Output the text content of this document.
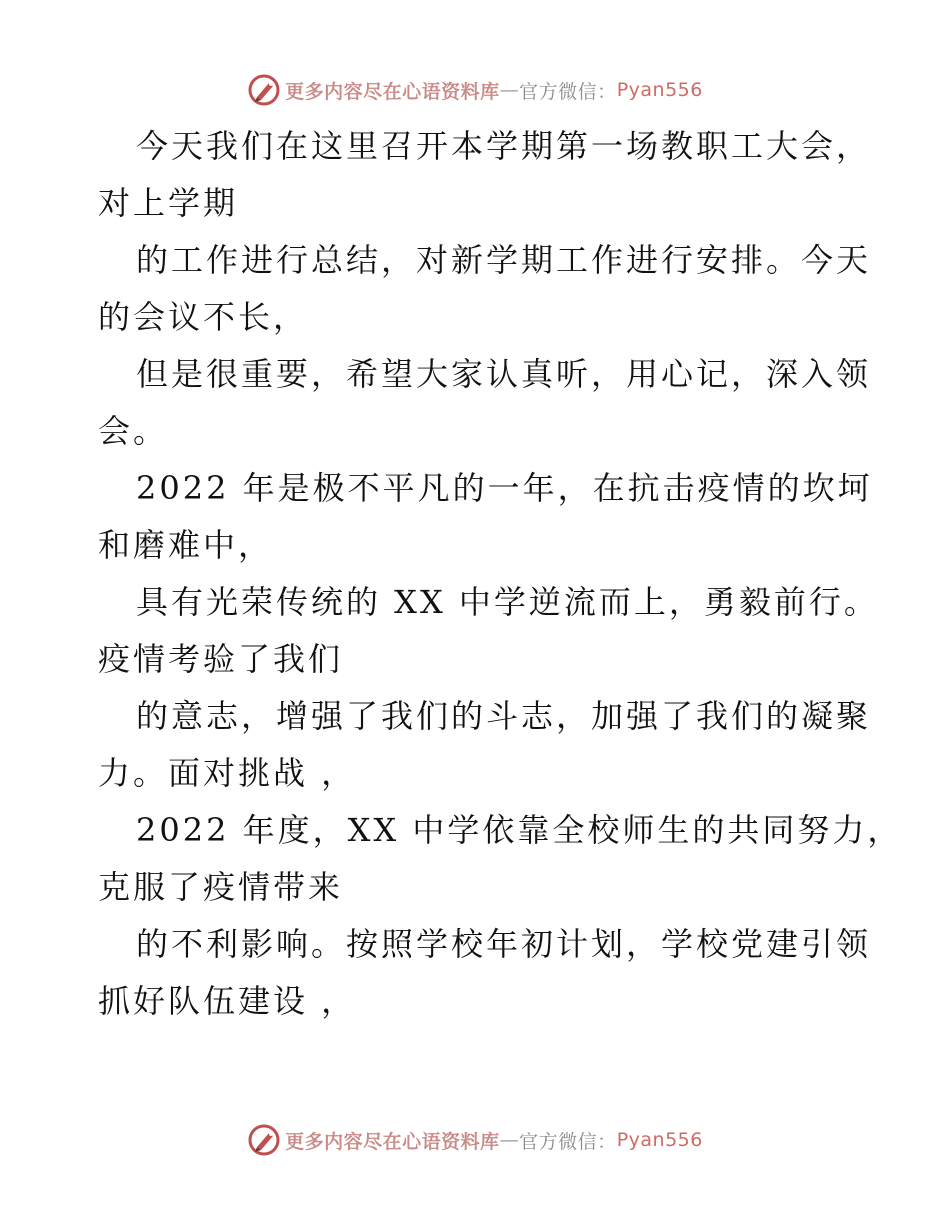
更多内容尽在心语资料库 — 官方微信： Pyan556

今天我们在这里召开本学期第一场教职工大会，

对上学期

的工作进行总结，对新学期工作进行安排。今天

的会议不长，

但是很重要，希望大家认真听，用心记，深入领

会。

2022 年是极不平凡的一年，在抗击疫情的坎坷

和磨难中，

具有光荣传统的 XX 中学逆流而上，勇毅前行。

疫情考验了我们

的意志，增强了我们的斗志，加强了我们的凝聚

力。面对挑战 ，

2022 年度，XX 中学依靠全校师生的共同努力，

克服了疫情带来

的不利影响。按照学校年初计划，学校党建引领

抓好队伍建设 ，

更多内容尽在心语资料库 — 官方微信： Pyan556
